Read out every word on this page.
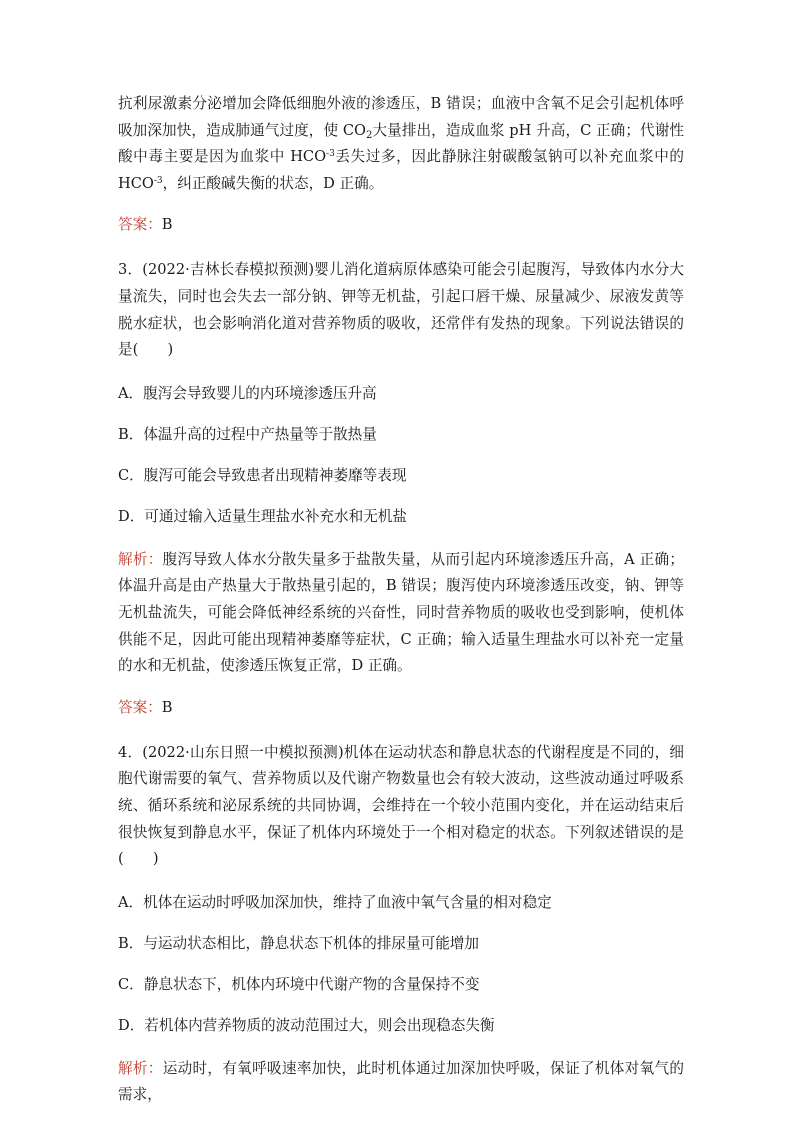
抗利尿激素分泌增加会降低细胞外液的渗透压，B 错误；血液中含氧不足会引起机体呼吸加深加快，造成肺通气过度，使 $CO_2$大量排出，造成血浆 pH 升高，C 正确；代谢性酸中毒主要是因为血浆中 $HCO^{-3}$丢失过多，因此静脉注射碳酸氢钠可以补充血浆中的 $HCO^{-3}$，纠正酸碱失衡的状态，D 正确。

答案：B

3．(2022·吉林长春模拟预测)婴儿消化道病原体感染可能会引起腹泻，导致体内水分大量流失，同时也会失去一部分钠、钾等无机盐，引起口唇干燥、尿量减少、尿液发黄等脱水症状，也会影响消化道对营养物质的吸收，还常伴有发热的现象。下列说法错误的是(　　)

A．腹泻会导致婴儿的内环境渗透压升高

B．体温升高的过程中产热量等于散热量

C．腹泻可能会导致患者出现精神萎靡等表现

D．可通过输入适量生理盐水补充水和无机盐

解析：腹泻导致人体水分散失量多于盐散失量，从而引起内环境渗透压升高，A 正确；体温升高是由产热量大于散热量引起的，B 错误；腹泻使内环境渗透压改变，钠、钾等无机盐流失，可能会降低神经系统的兴奋性，同时营养物质的吸收也受到影响，使机体供能不足，因此可能出现精神萎靡等症状，C 正确；输入适量生理盐水可以补充一定量的水和无机盐，使渗透压恢复正常，D 正确。

答案：B

4．(2022·山东日照一中模拟预测)机体在运动状态和静息状态的代谢程度是不同的，细胞代谢需要的氧气、营养物质以及代谢产物数量也会有较大波动，这些波动通过呼吸系统、循环系统和泌尿系统的共同协调，会维持在一个较小范围内变化，并在运动结束后很快恢复到静息水平，保证了机体内环境处于一个相对稳定的状态。下列叙述错误的是(　　)

A．机体在运动时呼吸加深加快，维持了血液中氧气含量的相对稳定

B．与运动状态相比，静息状态下机体的排尿量可能增加

C．静息状态下，机体内环境中代谢产物的含量保持不变

D．若机体内营养物质的波动范围过大，则会出现稳态失衡

解析：运动时，有氧呼吸速率加快，此时机体通过加深加快呼吸，保证了机体对氧气的需求，
